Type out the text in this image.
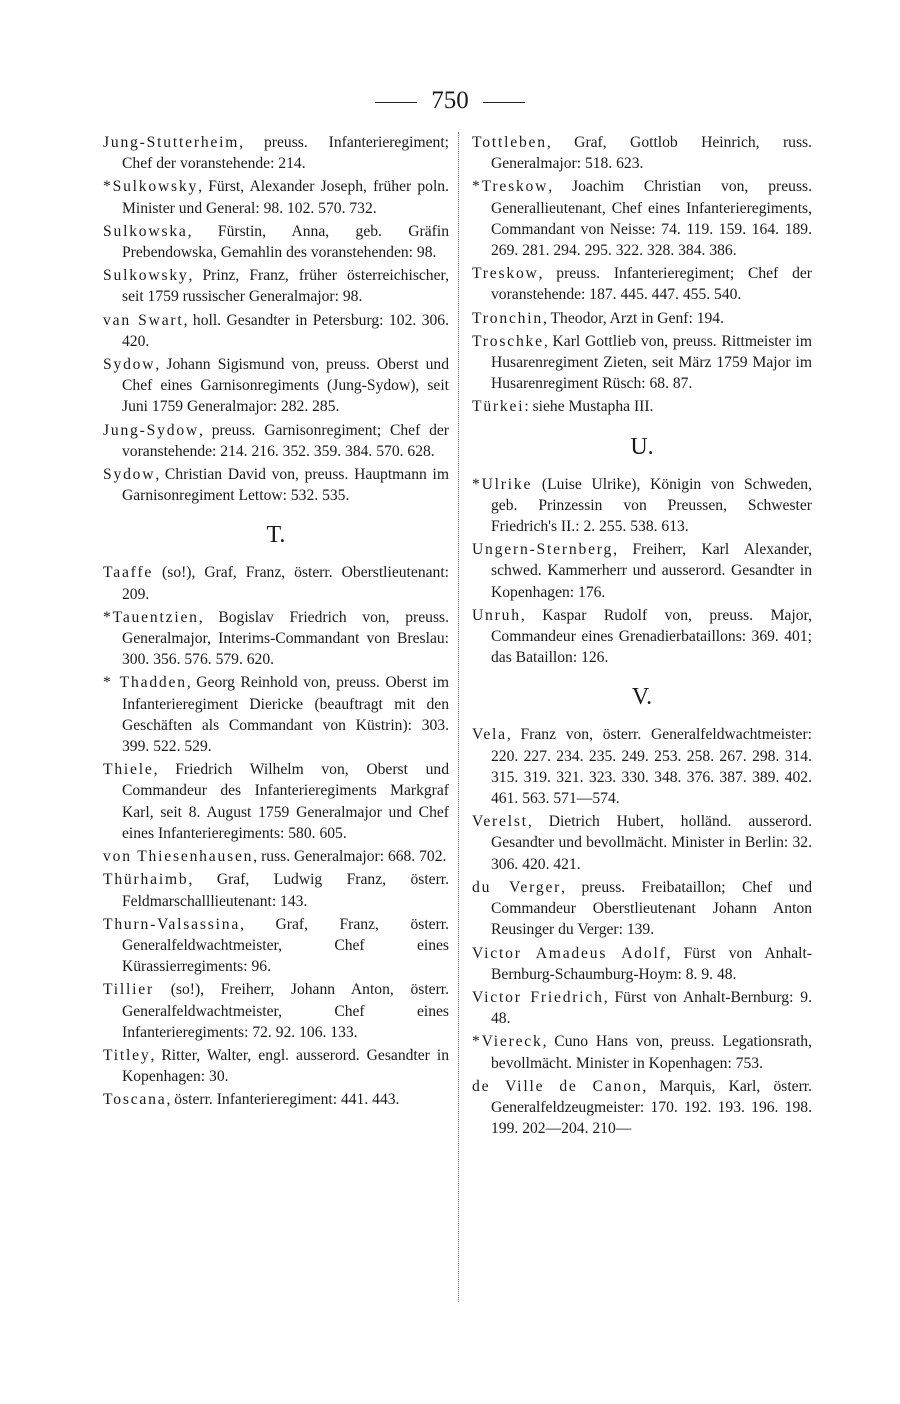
750
Jung-Stutterheim, preuss. Infanterieregiment; Chef der voranstehende: 214.
*Sulkowsky, Fürst, Alexander Joseph, früher poln. Minister und General: 98. 102. 570. 732.
Sulkowska, Fürstin, Anna, geb. Gräfin Prebendowska, Gemahlin des voranstehenden: 98.
Sulkowsky, Prinz, Franz, früher österreichischer, seit 1759 russischer Generalmajor: 98.
van Swart, holl. Gesandter in Petersburg: 102. 306. 420.
Sydow, Johann Sigismund von, preuss. Oberst und Chef eines Garnisonregiments (Jung-Sydow), seit Juni 1759 Generalmajor: 282. 285.
Jung-Sydow, preuss. Garnisonregiment; Chef der voranstehende: 214. 216. 352. 359. 384. 570. 628.
Sydow, Christian David von, preuss. Hauptmann im Garnisonregiment Lettow: 532. 535.
T.
Taaffe (so!), Graf, Franz, österr. Oberstlieutenant: 209.
*Tauentzien, Bogislav Friedrich von, preuss. Generalmajor, Interims-Commandant von Breslau: 300. 356. 576. 579. 620.
* Thadden, Georg Reinhold von, preuss. Oberst im Infanterieregiment Diericke (beauftragt mit den Geschäften als Commandant von Küstrin): 303. 399. 522. 529.
Thiele, Friedrich Wilhelm von, Oberst und Commandeur des Infanterieregiments Markgraf Karl, seit 8. August 1759 Generalmajor und Chef eines Infanterieregiments: 580. 605.
von Thiesenhausen, russ. Generalmajor: 668. 702.
Thürhaimb, Graf, Ludwig Franz, österr. Feldmarschalllieutenant: 143.
Thurn-Valsassina, Graf, Franz, österr. Generalfeldwachtmeister, Chef eines Kürassierregiments: 96.
Tillier (so!), Freiherr, Johann Anton, österr. Generalfeldwachtmeister, Chef eines Infanterieregiments: 72. 92. 106. 133.
Titley, Ritter, Walter, engl. ausserord. Gesandter in Kopenhagen: 30.
Toscana, österr. Infanterieregiment: 441. 443.
Tottleben, Graf, Gottlob Heinrich, russ. Generalmajor: 518. 623.
*Treskow, Joachim Christian von, preuss. Generallieutenant, Chef eines Infanterieregiments, Commandant von Neisse: 74. 119. 159. 164. 189. 269. 281. 294. 295. 322. 328. 384. 386.
Treskow, preuss. Infanterieregiment; Chef der voranstehende: 187. 445. 447. 455. 540.
Tronchin, Theodor, Arzt in Genf: 194.
Troschke, Karl Gottlieb von, preuss. Rittmeister im Husarenregiment Zieten, seit März 1759 Major im Husarenregiment Rüsch: 68. 87.
Türkei: siehe Mustapha III.
U.
*Ulrike (Luise Ulrike), Königin von Schweden, geb. Prinzessin von Preussen, Schwester Friedrich's II.: 2. 255. 538. 613.
Ungern-Sternberg, Freiherr, Karl Alexander, schwed. Kammerherr und ausserord. Gesandter in Kopenhagen: 176.
Unruh, Kaspar Rudolf von, preuss. Major, Commandeur eines Grenadierbataillons: 369. 401; das Bataillon: 126.
V.
Vela, Franz von, österr. Generalfeldwachtmeister: 220. 227. 234. 235. 249. 253. 258. 267. 298. 314. 315. 319. 321. 323. 330. 348. 376. 387. 389. 402. 461. 563. 571—574.
Verelst, Dietrich Hubert, holländ. ausserord. Gesandter und bevollmächt. Minister in Berlin: 32. 306. 420. 421.
du Verger, preuss. Freibataillon; Chef und Commandeur Oberstlieutenant Johann Anton Reusinger du Verger: 139.
Victor Amadeus Adolf, Fürst von Anhalt-Bernburg-Schaumburg-Hoym: 8. 9. 48.
Victor Friedrich, Fürst von Anhalt-Bernburg: 9. 48.
*Viereck, Cuno Hans von, preuss. Legationsrath, bevollmächt. Minister in Kopenhagen: 753.
de Ville de Canon, Marquis, Karl, österr. Generalfeldzeugmeister: 170. 192. 193. 196. 198. 199. 202—204. 210—
